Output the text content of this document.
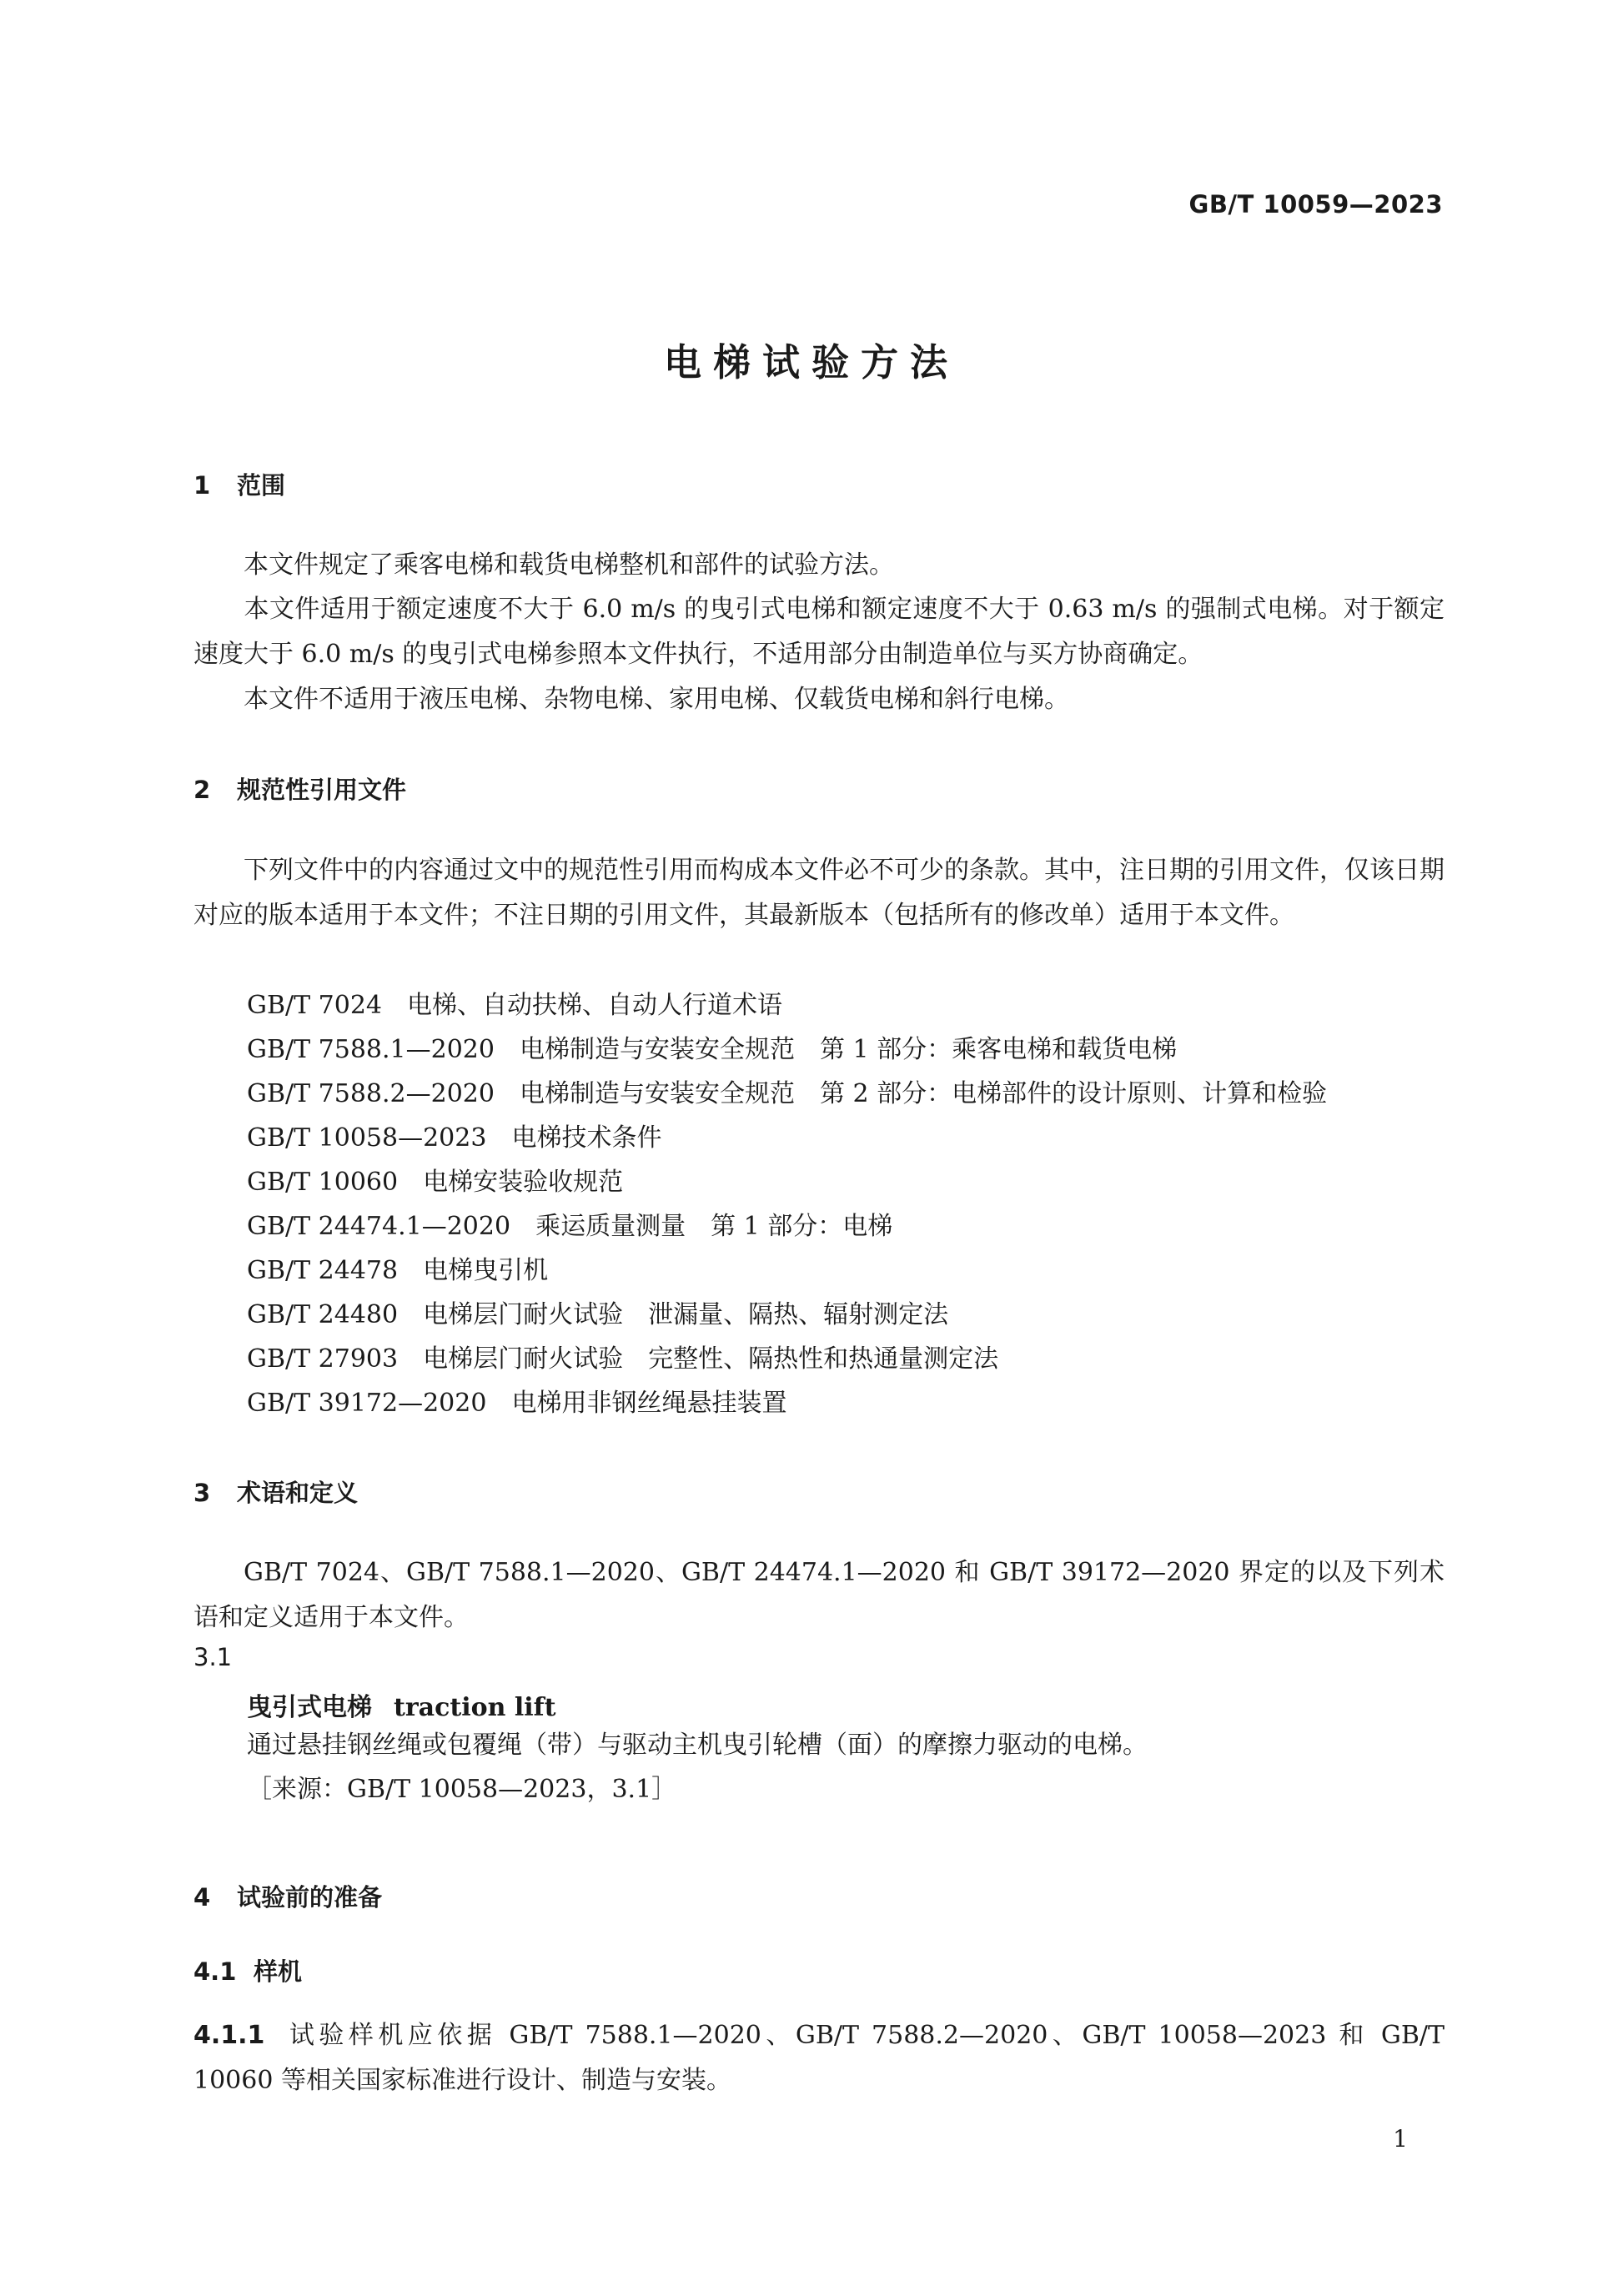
GB/T 10059—2023
电梯试验方法
1 范围
本文件规定了乘客电梯和载货电梯整机和部件的试验方法。
本文件适用于额定速度不大于 6.0 m/s 的曳引式电梯和额定速度不大于 0.63 m/s 的强制式电梯。对于额定速度大于 6.0 m/s 的曳引式电梯参照本文件执行，不适用部分由制造单位与买方协商确定。
本文件不适用于液压电梯、杂物电梯、家用电梯、仅载货电梯和斜行电梯。
2 规范性引用文件
下列文件中的内容通过文中的规范性引用而构成本文件必不可少的条款。其中，注日期的引用文件，仅该日期对应的版本适用于本文件；不注日期的引用文件，其最新版本（包括所有的修改单）适用于本文件。
GB/T 7024　电梯、自动扶梯、自动人行道术语
GB/T 7588.1—2020　电梯制造与安装安全规范　第 1 部分：乘客电梯和载货电梯
GB/T 7588.2—2020　电梯制造与安装安全规范　第 2 部分：电梯部件的设计原则、计算和检验
GB/T 10058—2023　电梯技术条件
GB/T 10060　电梯安装验收规范
GB/T 24474.1—2020　乘运质量测量　第 1 部分：电梯
GB/T 24478　电梯曳引机
GB/T 24480　电梯层门耐火试验　泄漏量、隔热、辐射测定法
GB/T 27903　电梯层门耐火试验　完整性、隔热性和热通量测定法
GB/T 39172—2020　电梯用非钢丝绳悬挂装置
3 术语和定义
GB/T 7024、GB/T 7588.1—2020、GB/T 24474.1—2020 和 GB/T 39172—2020 界定的以及下列术语和定义适用于本文件。
3.1
曳引式电梯 traction lift
通过悬挂钢丝绳或包覆绳（带）与驱动主机曳引轮槽（面）的摩擦力驱动的电梯。
［来源：GB/T 10058—2023，3.1］
4 试验前的准备
4.1 样机
4.1.1 试验样机应依据 GB/T 7588.1—2020、GB/T 7588.2—2020、GB/T 10058—2023 和 GB/T 10060 等相关国家标准进行设计、制造与安装。
1
